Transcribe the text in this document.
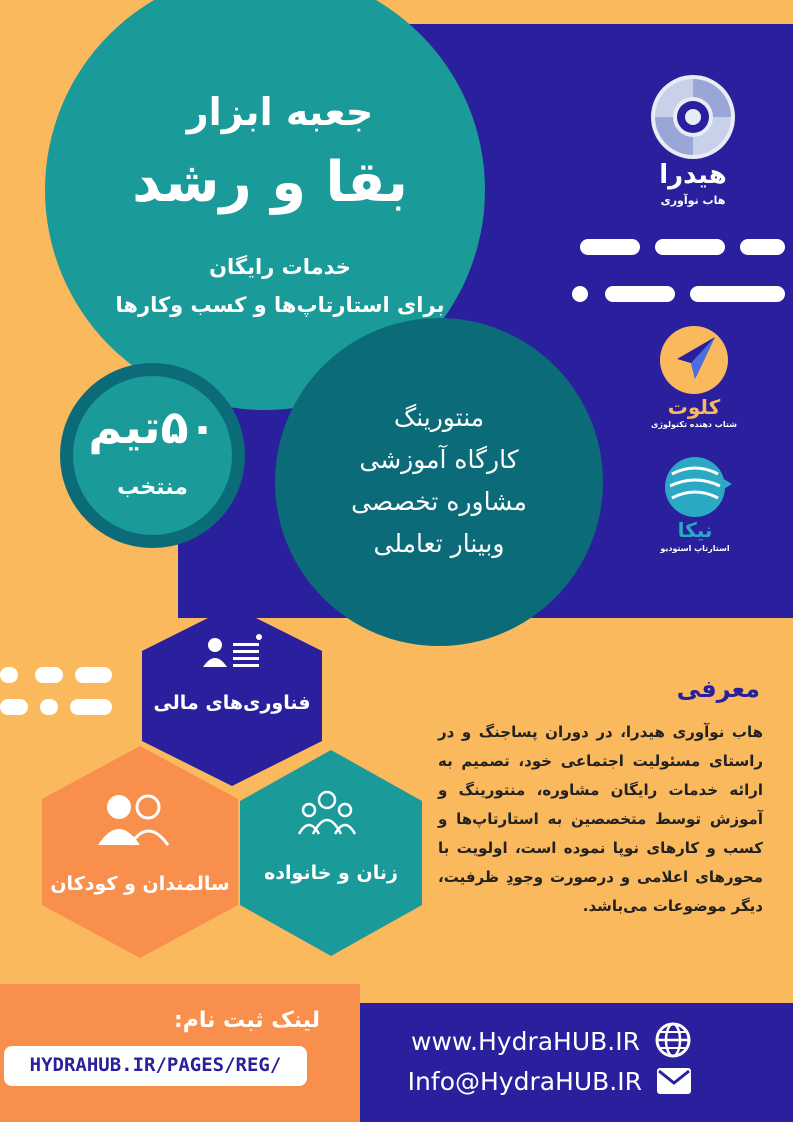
جعبه ابزار
بقا و رشد
خدمات رایگان
برای استارتاپ‌ها و کسب وکارها
۵۰تیم
منتخب
منتورینگ
کارگاه آموزشی
مشاوره تخصصی
وبینار تعاملی
هیدرا
هاب نوآوری
کلوت
شتاب دهنده تکنولوژی
نیکا
استارتاپ استودیو
فناوری‌های مالی
سالمندان و کودکان	زنان و خانواده
معرفی
هاب نوآوری هیدرا، در دوران پساجنگ و در راستای مسئولیت اجتماعی خود، تصمیم به ارائه خدمات رایگان مشاوره، منتورینگ و آموزش توسط متخصصین به استارتاپ‌ها و کسب و کارهای نوپا نموده است، اولویت با محورهای اعلامی و درصورت وجودِ ظرفیت، دیگر موضوعات می‌باشد.
لینک ثبت نام:
HYDRAHUB.IR/PAGES/REG/
www.HydraHUB.IR
Info@HydraHUB.IR
